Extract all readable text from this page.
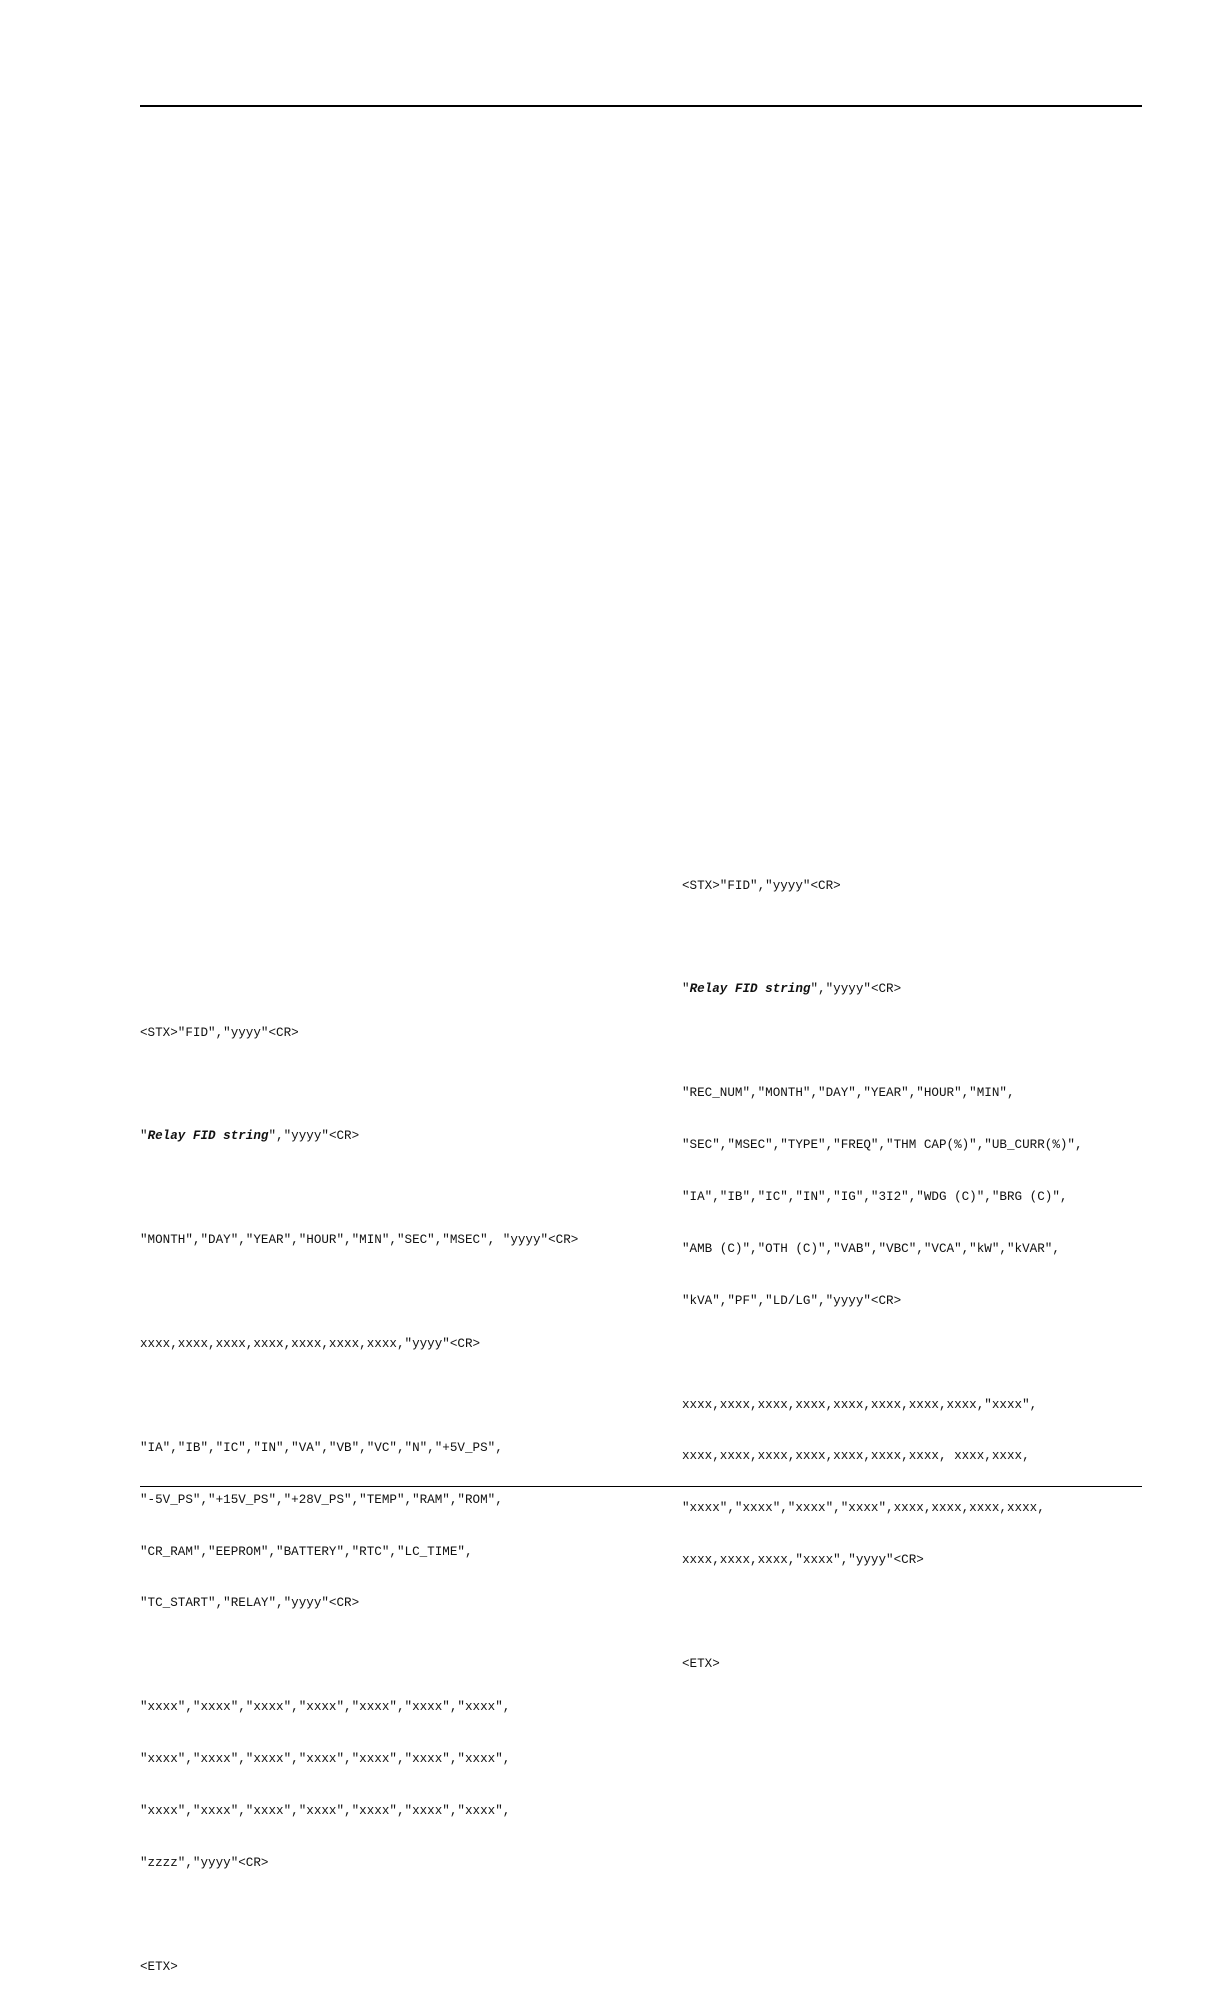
<STX>"FID","yyyy"<CR>

"Relay FID string","yyyy"<CR>

"MONTH","DAY","YEAR","HOUR","MIN","SEC","MSEC", "yyyy"<CR>

xxxx,xxxx,xxxx,xxxx,xxxx,xxxx,xxxx,"yyyy"<CR>

"IA","IB","IC","IN","VA","VB","VC","N","+5V_PS",

"-5V_PS","+15V_PS","+28V_PS","TEMP","RAM","ROM",

"CR_RAM","EEPROM","BATTERY","RTC","LC_TIME",

"TC_START","RELAY","yyyy"<CR>

"xxxx","xxxx","xxxx","xxxx","xxxx","xxxx","xxxx",

"xxxx","xxxx","xxxx","xxxx","xxxx","xxxx","xxxx",

"xxxx","xxxx","xxxx","xxxx","xxxx","xxxx","xxxx",

"zzzz","yyyy"<CR>

<ETX>

<STX>"FID","yyyy"<CR>

"Relay FID string","yyyy"<CR>

"REC_NUM","MONTH","DAY","YEAR","HOUR","MIN",

"SEC","MSEC","TYPE","FREQ","THM CAP(%)","UB_CURR(%)",

"IA","IB","IC","IN","IG","3I2","WDG (C)","BRG (C)",

"AMB (C)","OTH (C)","VAB","VBC","VCA","kW","kVAR",

"kVA","PF","LD/LG","yyyy"<CR>

xxxx,xxxx,xxxx,xxxx,xxxx,xxxx,xxxx,xxxx,"xxxx",

xxxx,xxxx,xxxx,xxxx,xxxx,xxxx,xxxx, xxxx,xxxx,

"xxxx","xxxx","xxxx","xxxx",xxxx,xxxx,xxxx,xxxx,

xxxx,xxxx,xxxx,"xxxx","yyyy"<CR>

<ETX>
